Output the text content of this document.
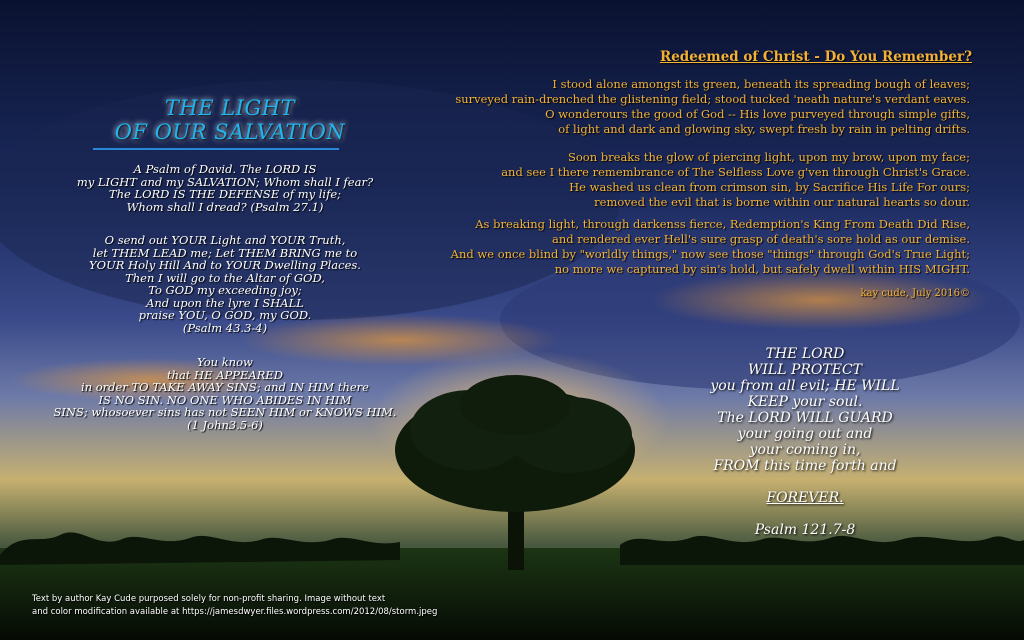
THE LIGHT
OF OUR SALVATION
A Psalm of David. The LORD IS
my LIGHT and my SALVATION; Whom shall I fear?
The LORD IS THE DEFENSE of my life;
Whom shall I dread? (Psalm 27.1)
O send out YOUR Light and YOUR Truth,
let THEM LEAD me; Let THEM BRING me to
YOUR Holy Hill And to YOUR Dwelling Places.
Then I will go to the Altar of GOD,
To GOD my exceeding joy;
And upon the lyre I SHALL
praise YOU, O GOD, my GOD.
(Psalm 43.3-4)
You know
that HE APPEARED
in order TO TAKE AWAY SINS; and IN HIM there
IS NO SIN. NO ONE WHO ABIDES IN HIM
SINS; whosoever sins has not SEEN HIM or KNOWS HIM.
(1 John3.5-6)
Redeemed of Christ - Do You Remember?
I stood alone amongst its green, beneath its spreading bough of leaves;
surveyed rain-drenched the glistening field; stood tucked 'neath nature's verdant eaves.
O wonderours the good of God -- His love purveyed through simple gifts,
of light and dark and glowing sky, swept fresh by rain in pelting drifts.
Soon breaks the glow of piercing light, upon my brow, upon my face;
and see I there remembrance of The Selfless Love g'ven through Christ's Grace.
He washed us clean from crimson sin, by Sacrifice His Life For ours;
removed the evil that is borne within our natural hearts so dour.
As breaking light, through darkenss fierce, Redemption's King From Death Did Rise,
and rendered ever Hell's sure grasp of death's sore hold as our demise.
And we once blind by "worldly things," now see those "things" through God's True Light;
no more we captured by sin's hold, but safely dwell within HIS MIGHT.
kay cude, July 2016©

THE LORD
WILL PROTECT
you from all evil; HE WILL
KEEP your soul.
The LORD WILL GUARD
your going out and
your coming in,
FROM this time forth and

FOREVER.

Psalm 121.7-8

Text by author Kay Cude purposed solely for non-profit sharing. Image without text
and color modification available at https://jamesdwyer.files.wordpress.com/2012/08/storm.jpeg
